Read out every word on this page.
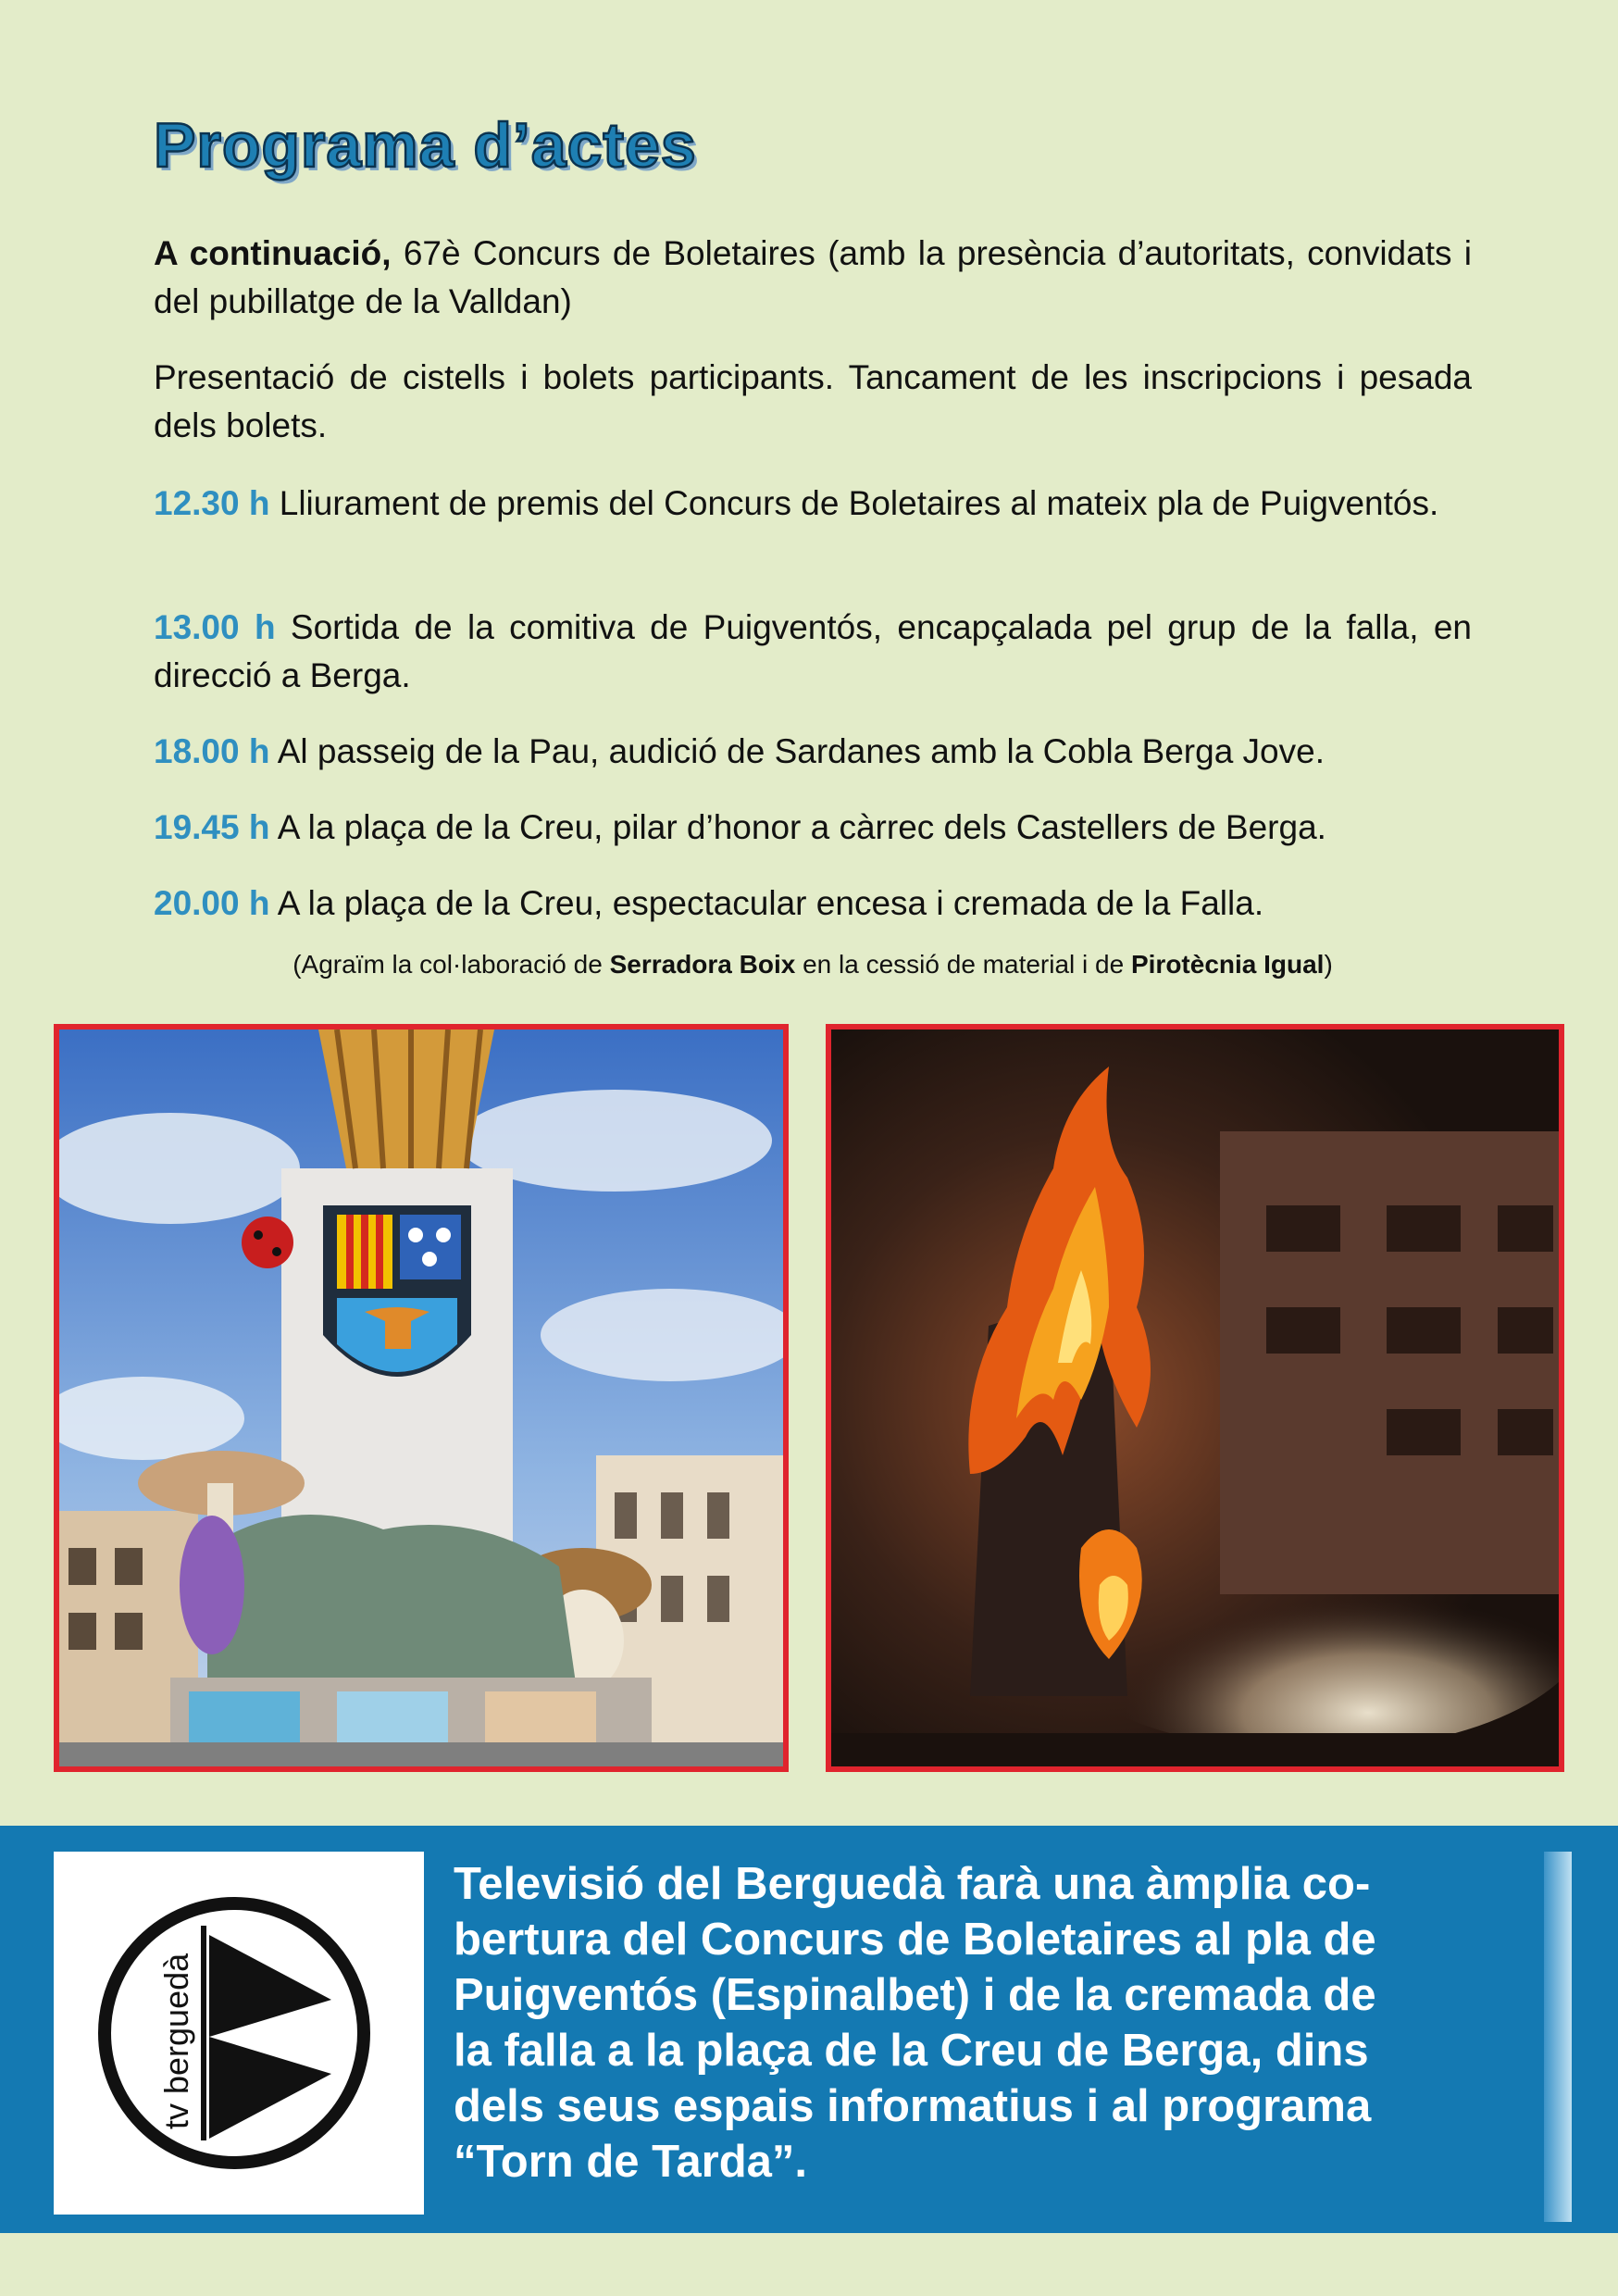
Programa d’actes

A continuació, 67è Concurs de Boletaires (amb la presència d’autoritats, convidats i del pubillatge de la Valldan)

Presentació de cistells i bolets participants. Tancament de les inscripcions i pesada dels bolets.

12.30 h Lliurament de premis del Concurs de Boletaires al mateix pla de Puigventós.

13.00 h Sortida de la comitiva de Puigventós, encapçalada pel grup de la falla, en direcció a Berga.

18.00 h Al passeig de la Pau, audició de Sardanes amb la Cobla Berga Jove.

19.45 h A la plaça de la Creu, pilar d’honor a càrrec dels Castellers de Berga.

20.00 h A la plaça de la Creu, espectacular encesa i cremada de la Falla.

(Agraïm la col·laboració de Serradora Boix en la cessió de material i de Pirotècnia Igual)

tv berguedà

Televisió del Berguedà farà una àmplia co-

bertura del Concurs de Boletaires al pla de

Puigventós (Espinalbet) i de la cremada de

la falla a la plaça de la Creu de Berga, dins

dels seus espais informatius i al programa

“Torn de Tarda”.
